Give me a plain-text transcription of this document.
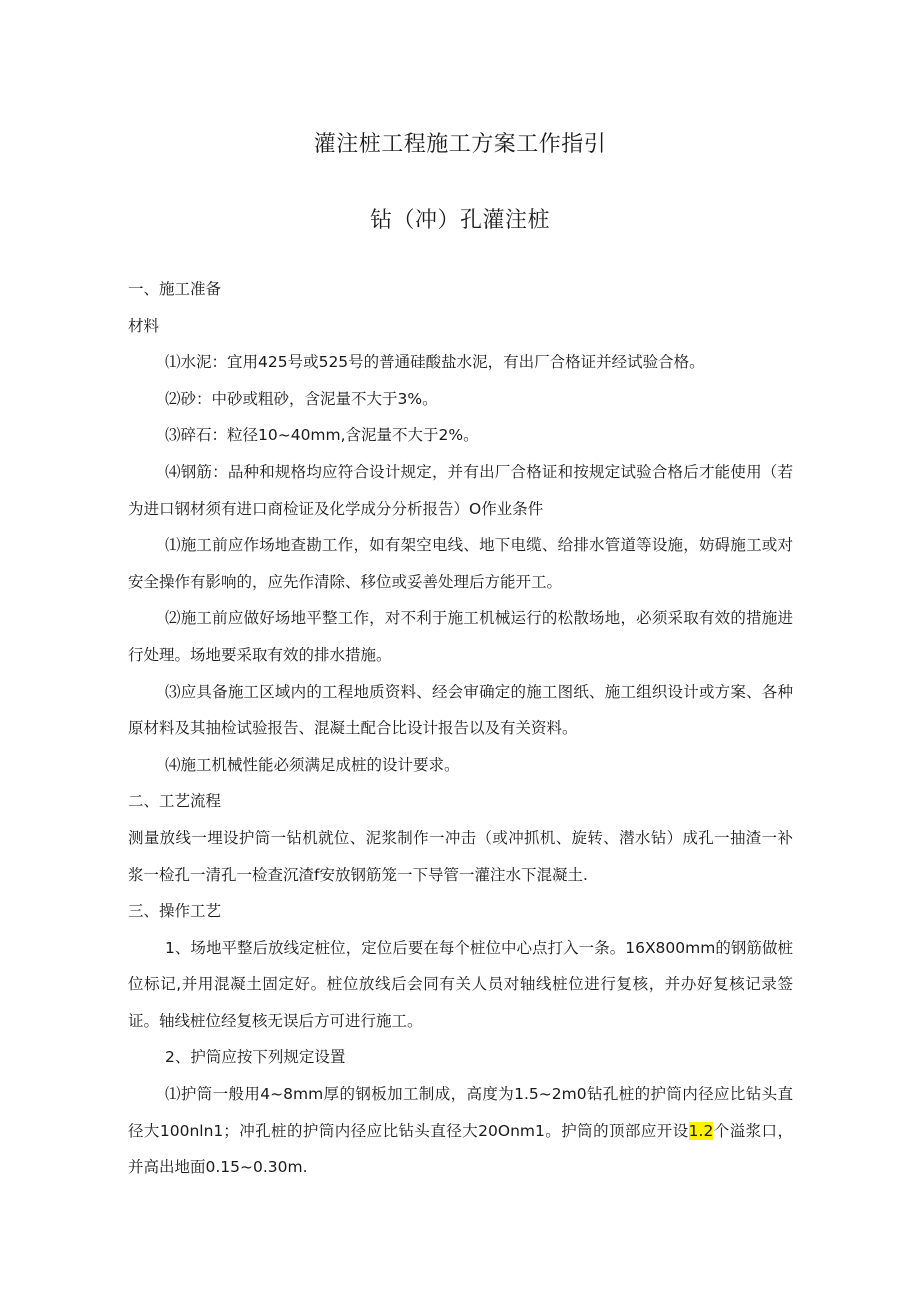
灌注桩工程施工方案工作指引
钻（冲）孔灌注桩

一、施工准备

材料

⑴水泥：宜用425号或525号的普通硅酸盐水泥，有出厂合格证并经试验合格。

⑵砂：中砂或粗砂，含泥量不大于3%。

⑶碎石：粒径10~40mm,含泥量不大于2%。

⑷钢筋：品种和规格均应符合设计规定，并有出厂合格证和按规定试验合格后才能使用（若为进口钢材须有进口商检证及化学成分分析报告）O作业条件

⑴施工前应作场地查勘工作，如有架空电线、地下电缆、给排水管道等设施，妨碍施工或对安全操作有影响的，应先作清除、移位或妥善处理后方能开工。

⑵施工前应做好场地平整工作，对不利于施工机械运行的松散场地，必须采取有效的措施进行处理。场地要采取有效的排水措施。

⑶应具备施工区域内的工程地质资料、经会审确定的施工图纸、施工组织设计或方案、各种原材料及其抽检试验报告、混凝土配合比设计报告以及有关资料。

⑷施工机械性能必须满足成桩的设计要求。

二、工艺流程

测量放线一埋设护筒一钻机就位、泥浆制作一冲击（或冲抓机、旋转、潜水钻）成孔一抽渣一补浆一检孔一清孔一检查沉渣f安放钢筋笼一下导管一灌注水下混凝土.

三、操作工艺

1、场地平整后放线定桩位，定位后要在每个桩位中心点打入一条。16X800mm的钢筋做桩位标记,并用混凝土固定好。桩位放线后会同有关人员对轴线桩位进行复核，并办好复核记录签证。轴线桩位经复核无误后方可进行施工。

2、护筒应按下列规定设置

⑴护筒一般用4~8mm厚的钢板加工制成，高度为1.5~2m0钻孔桩的护筒内径应比钻头直径大100nln1；冲孔桩的护筒内径应比钻头直径大20Onm1。护筒的顶部应开设1.2个溢浆口，并高出地面0.15~0.30m.
